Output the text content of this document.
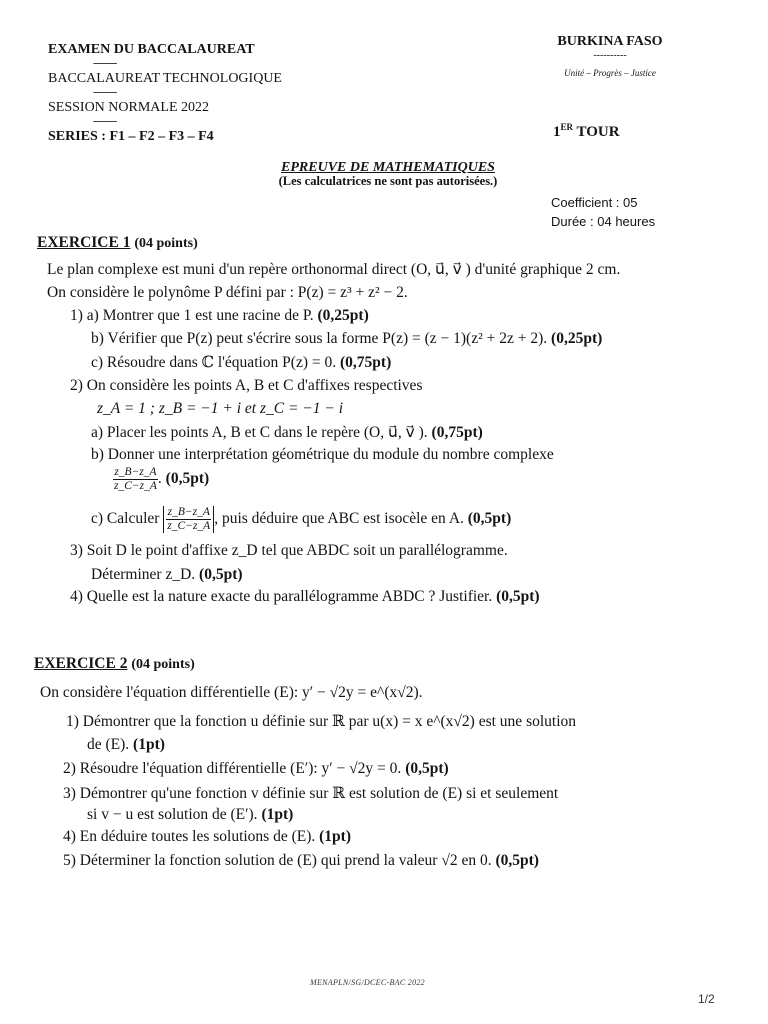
EXAMEN DU BACCALAUREAT
----------
BACCALAUREAT TECHNOLOGIQUE
----------
SESSION NORMALE 2022
----------
SERIES : F1 – F2 – F3 – F4
BURKINA FASO
----------
Unité – Progrès – Justice
1ER TOUR
EPREUVE DE MATHEMATIQUES
(Les calculatrices ne sont pas autorisées.)
Coefficient : 05
Durée : 04 heures
EXERCICE 1 (04 points)
Le plan complexe est muni d'un repère orthonormal direct (O, u⃗, v⃗ ) d'unité graphique 2 cm.
On considère le polynôme P défini par : P(z) = z³ + z² − 2.
1) a) Montrer que 1 est une racine de P. (0,25pt)
b) Vérifier que P(z) peut s'écrire sous la forme P(z) = (z − 1)(z² + 2z + 2). (0,25pt)
c) Résoudre dans ℂ l'équation P(z) = 0. (0,75pt)
2) On considère les points A, B et C d'affixes respectives
z_A = 1 ; z_B = −1 + i et z_C = −1 − i
a) Placer les points A, B et C dans le repère (O, u⃗, v⃗ ). (0,75pt)
b) Donner une interprétation géométrique du module du nombre complexe
$\frac{z\_B-z\_A}{z\_C-z\_A}$ . (0,5pt)
c) Calculer $\frac{z\_B-z\_A}{z\_C-z\_A}$ , puis déduire que ABC est isocèle en A. (0,5pt)
3) Soit D le point d'affixe z_D tel que ABDC soit un parallélogramme.
Déterminer z_D. (0,5pt)
4) Quelle est la nature exacte du parallélogramme ABDC ? Justifier. (0,5pt)
EXERCICE 2 (04 points)
On considère l'équation différentielle (E): y′ − √2y = e^(x√2).
1) Démontrer que la fonction u définie sur ℝ par u(x) = x e^(x√2) est une solution
de (E). (1pt)
2) Résoudre l'équation différentielle (E′): y′ − √2y = 0. (0,5pt)
3) Démontrer qu'une fonction v définie sur ℝ est solution de (E) si et seulement
si v − u est solution de (E′). (1pt)
4) En déduire toutes les solutions de (E). (1pt)
5) Déterminer la fonction solution de (E) qui prend la valeur √2 en 0. (0,5pt)
MENAPLN/SG/DCEC-BAC 2022
1/2
